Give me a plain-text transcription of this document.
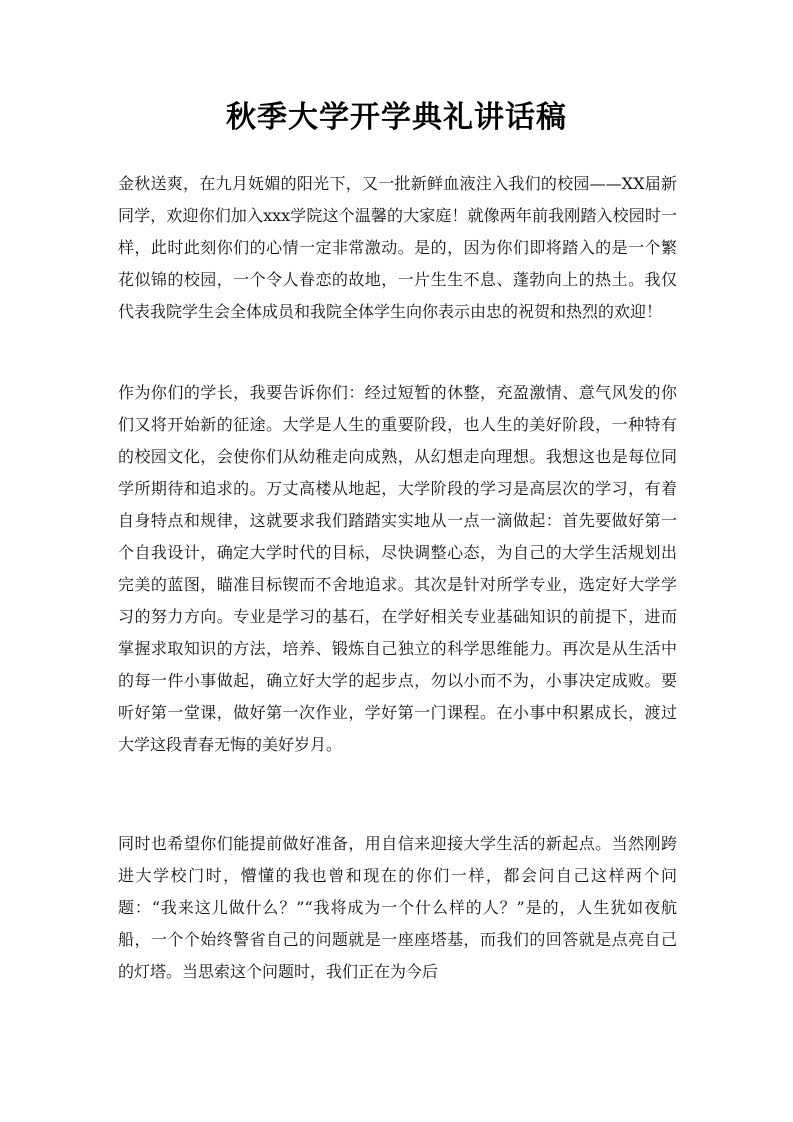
秋季大学开学典礼讲话稿

金秋送爽，在九月妩媚的阳光下，又一批新鲜血液注入我们的校园——XX届新同学，欢迎你们加入xxx学院这个温馨的大家庭！就像两年前我刚踏入校园时一样，此时此刻你们的心情一定非常激动。是的，因为你们即将踏入的是一个繁花似锦的校园，一个令人眷恋的故地，一片生生不息、蓬勃向上的热土。我仅代表我院学生会全体成员和我院全体学生向你表示由忠的祝贺和热烈的欢迎！

作为你们的学长，我要告诉你们：经过短暂的休整，充盈激情、意气风发的你们又将开始新的征途。大学是人生的重要阶段，也人生的美好阶段，一种特有的校园文化，会使你们从幼稚走向成熟，从幻想走向理想。我想这也是每位同学所期待和追求的。万丈高楼从地起，大学阶段的学习是高层次的学习，有着自身特点和规律，这就要求我们踏踏实实地从一点一滴做起：首先要做好第一个自我设计，确定大学时代的目标，尽快调整心态，为自己的大学生活规划出完美的蓝图，瞄准目标锲而不舍地追求。其次是针对所学专业，选定好大学学习的努力方向。专业是学习的基石，在学好相关专业基础知识的前提下，进而掌握求取知识的方法，培养、锻炼自己独立的科学思维能力。再次是从生活中的每一件小事做起，确立好大学的起步点，勿以小而不为，小事决定成败。要听好第一堂课，做好第一次作业，学好第一门课程。在小事中积累成长，渡过大学这段青春无悔的美好岁月。

同时也希望你们能提前做好准备，用自信来迎接大学生活的新起点。当然刚跨进大学校门时，懵懂的我也曾和现在的你们一样，都会问自己这样两个问题：“我来这儿做什么？”“我将成为一个什么样的人？”是的，人生犹如夜航船，一个个始终警省自己的问题就是一座座塔基，而我们的回答就是点亮自己的灯塔。当思索这个问题时，我们正在为今后
